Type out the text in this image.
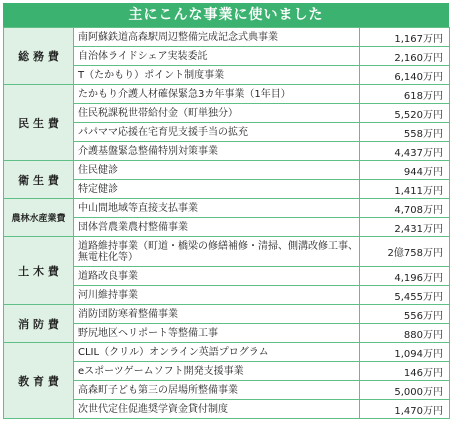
主にこんな事業に使いました
総 務 費	南阿蘇鉄道高森駅周辺整備完成記念式典事業	1,167万円
	自治体ライドシェア実装委託	2,160万円
	T（たかもり）ポイント制度事業	6,140万円
民 生 費	たかもり介護人材確保緊急3カ年事業（1年目）	618万円
	住民税課税世帯給付金（町単独分）	5,520万円
	パパママ応援在宅育児支援手当の拡充	558万円
	介護基盤緊急整備特別対策事業	4,437万円
衛 生 費	住民健診	944万円
	特定健診	1,411万円
農林水産業費	中山間地域等直接支払事業	4,708万円
	団体営農業農村整備事業	2,431万円
土 木 費	道路維持事業（町道・橋梁の修繕補修・清掃、側溝改修工事、無電柱化等）	2億758万円
	道路改良事業	4,196万円
	河川維持事業	5,455万円
消 防 費	消防団防寒着整備事業	556万円
	野尻地区ヘリポート等整備工事	880万円
教 育 費	CLIL（クリル）オンライン英語プログラム	1,094万円
	eスポーツゲームソフト開発支援事業	146万円
	高森町子ども第三の居場所整備事業	5,000万円
	次世代定住促進奨学資金貸付制度	1,470万円
